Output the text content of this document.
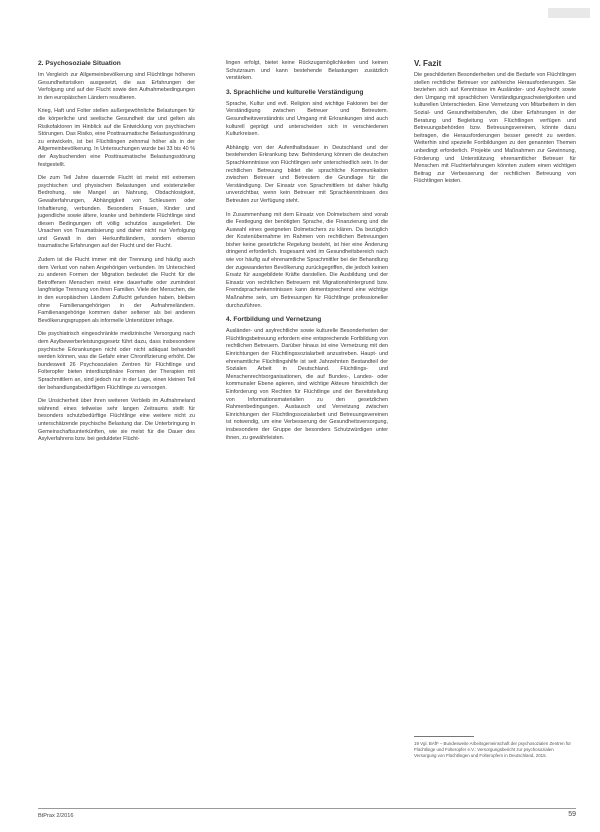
2. Psychosoziale Situation

Im Vergleich zur Allgemeinbevölkerung sind Flüchtlinge höheren Gesundheitsrisiken ausgesetzt, die aus Erfahrungen der Verfolgung und auf der Flucht sowie den Aufnahmebedingungen in den europäischen Ländern resultieren.

Krieg, Haft und Folter stellen außergewöhnliche Belastungen für die körperliche und seelische Gesundheit dar und gelten als Risikofaktoren im Hinblick auf die Entwicklung von psychischen Störungen. Das Risiko, eine Posttraumatische Belastungsstörung zu entwickeln, ist bei Flüchtlingen zehnmal höher als in der Allgemeinbevölkerung. In Untersuchungen wurde bei 33 bis 40 % der Asylsuchenden eine Posttraumatische Belastungsstörung festgestellt.

Die zum Teil Jahre dauernde Flucht ist meist mit extremen psychischen und physischen Belastungen und existenzieller Bedrohung, wie Mangel an Nahrung, Obdachlosigkeit, Gewalterfahrungen, Abhängigkeit von Schleusern oder Inhaftierung, verbunden. Besonders Frauen, Kinder und jugendliche sowie ältere, kranke und behinderte Flüchtlinge sind diesen Bedingungen oft völlig schutzlos ausgeliefert. Die Ursachen von Traumatisierung und daher nicht nur Verfolgung und Gewalt in den Herkunftsländern, sondern ebenso traumatische Erfahrungen auf der Flucht und der Flucht.

Zudem ist die Flucht immer mit der Trennung und häufig auch dem Verlust von nahen Angehörigen verbunden. Im Unterschied zu anderen Formen der Migration bedeutet die Flucht für die Betroffenen Menschen meist eine dauerhafte oder zumindest langfristige Trennung von ihren Familien. Viele der Menschen, die in den europäischen Ländern Zuflucht gefunden haben, bleiben ohne Familienangehörigen in der Aufnahmeländern. Familienangehörige kommen daher seltener als bei anderen Bevölkerungsgruppen als informelle Unterstützer infrage.

Die psychiatrisch eingeschränkte medizinische Versorgung nach dem Asylbewerberleistungsgesetz führt dazu, dass insbesondere psychische Erkrankungen nicht oder nicht adäquat behandelt werden können, was die Gefahr einer Chronifizierung erhöht. Die bundesweit 26 Psychosozialen Zentren für Flüchtlinge und Folteropfer bieten interdisziplinäre Formen der Therapien mit Sprachmittlern an, sind jedoch nur in der Lage, einen kleinen Teil der behandlungsbedürftigen Flüchtlinge zu versorgen.

Die Unsicherheit über ihren weiteren Verbleib im Aufnahmeland während eines teilweise sehr langen Zeitraums stellt für besonders schutzbedürftige Flüchtlinge eine weitere nicht zu unterschätzende psychische Belastung dar. Die Unterbringung in Gemeinschaftsunterkünften, wie sie meist für die Dauer des Asylverfahrens bzw. bei geduldeter Flücht-

lingen erfolgt, bietet keine Rückzugsmöglichkeiten und keinen Schutzraum und kann bestehende Belastungen zusätzlich verstärken.

3. Sprachliche und kulturelle Verständigung

Sprache, Kultur und evtl. Religion sind wichtige Faktoren bei der Verständigung zwischen Betreuer und Betreutem. Gesundheitsverständnis und Umgang mit Erkrankungen sind auch kulturell geprägt und unterscheiden sich in verschiedenen Kulturkreisen.

Abhängig von der Aufenthaltsdauer in Deutschland und der bestehenden Erkrankung bzw. Behinderung können die deutschen Sprachkenntnisse von Flüchtlingen sehr unterschiedlich sein. In der rechtlichen Betreuung bildet die sprachliche Kommunikation zwischen Betreuer und Betreutem die Grundlage für die Verständigung. Der Einsatz von Sprachmittlern ist daher häufig unverzichtbar, wenn kein Betreuer mit Sprachkenntnissen des Betreuten zur Verfügung steht.

In Zusammenhang mit dem Einsatz von Dolmetschern sind vorab die Festlegung der benötigten Sprache, die Finanzierung und die Auswahl eines geeigneten Dolmetschers zu klären. Da bezüglich der Kostenübernahme im Rahmen von rechtlichen Betreuungen bisher keine gesetzliche Regelung besteht, ist hier eine Änderung dringend erforderlich. Insgesamt wird im Gesundheitsbereich nach wie vor häufig auf ehrenamtliche Sprachmittler bei der Behandlung der zugewanderten Bevölkerung zurückgegriffen, die jedoch keinen Ersatz für ausgebildete Kräfte darstellen. Die Ausbildung und der Einsatz von rechtlichen Betreuern mit Migrationshintergrund bzw. Fremdsprachenkenntnissen kann dementsprechend eine wichtige Maßnahme sein, um Betreuungen für Flüchtlinge professioneller durchzuführen.

4. Fortbildung und Vernetzung

Ausländer- und asylrechtliche sowie kulturelle Besonderheiten der Flüchtlingsbetreuung erfordern eine entsprechende Fortbildung von rechtlichen Betreuern. Darüber hinaus ist eine Vernetzung mit den Einrichtungen der Flüchtlingssozialarbeit anzustreben. Haupt- und ehrenamtliche Flüchtlingshilfe ist seit Jahrzehnten Bestandteil der Sozialen Arbeit in Deutschland. Flüchtlings- und Menschenrechtsorganisationen, die auf Bundes-, Landes- oder kommunaler Ebene agieren, sind wichtige Akteure hinsichtlich der Einforderung von Rechten für Flüchtlinge und der Bereitstellung von Informationsmaterialien zu den gesetzlichen Rahmenbedingungen. Austausch und Vernetzung zwischen Einrichtungen der Flüchtlingssozialarbeit und Betreuungsvereinen ist notwendig, um eine Verbesserung der Gesundheitsversorgung, insbesondere der Gruppe der besonders Schutzwürdigen unter ihnen, zu gewährleisten.

V. Fazit

Die geschilderten Besonderheiten und die Bedarfe von Flüchtlingen stellen rechtliche Betreuer vor zahlreiche Herausforderungen. Sie beziehen sich auf Kenntnisse im Ausländer- und Asylrecht sowie den Umgang mit sprachlichen Verständigungsschwierigkeiten und kulturellen Unterschieden. Eine Vernetzung von Mitarbeitern in den Sozial- und Gesundheitsberufen, die über Erfahrungen in der Beratung und Begleitung von Flüchtlingen verfügen und Betreuungsbehörden bzw. Betreuungsvereinen, könnte dazu beitragen, die Herausforderungen besser gerecht zu werden. Weiterhin sind spezielle Fortbildungen zu den genannten Themen unbedingt erforderlich. Projekte und Maßnahmen zur Gewinnung, Förderung und Unterstützung ehrenamtlicher Betreuer für Menschen mit Fluchterfahrungen könnten zudem einen wichtigen Beitrag zur Verbesserung der rechtlichen Betreuung von Flüchtlingen leisten.

19 Vgl. BAfF – Bundesweite Arbeitsgemeinschaft der psychosozialen Zentren für Flüchtlinge und Folteropfer e.V.: Versorgungsbericht zur psychosozialen Versorgung von Flüchtlingen und Folteropfern in Deutschland, 2015.
BtPrax 2/2016	59
